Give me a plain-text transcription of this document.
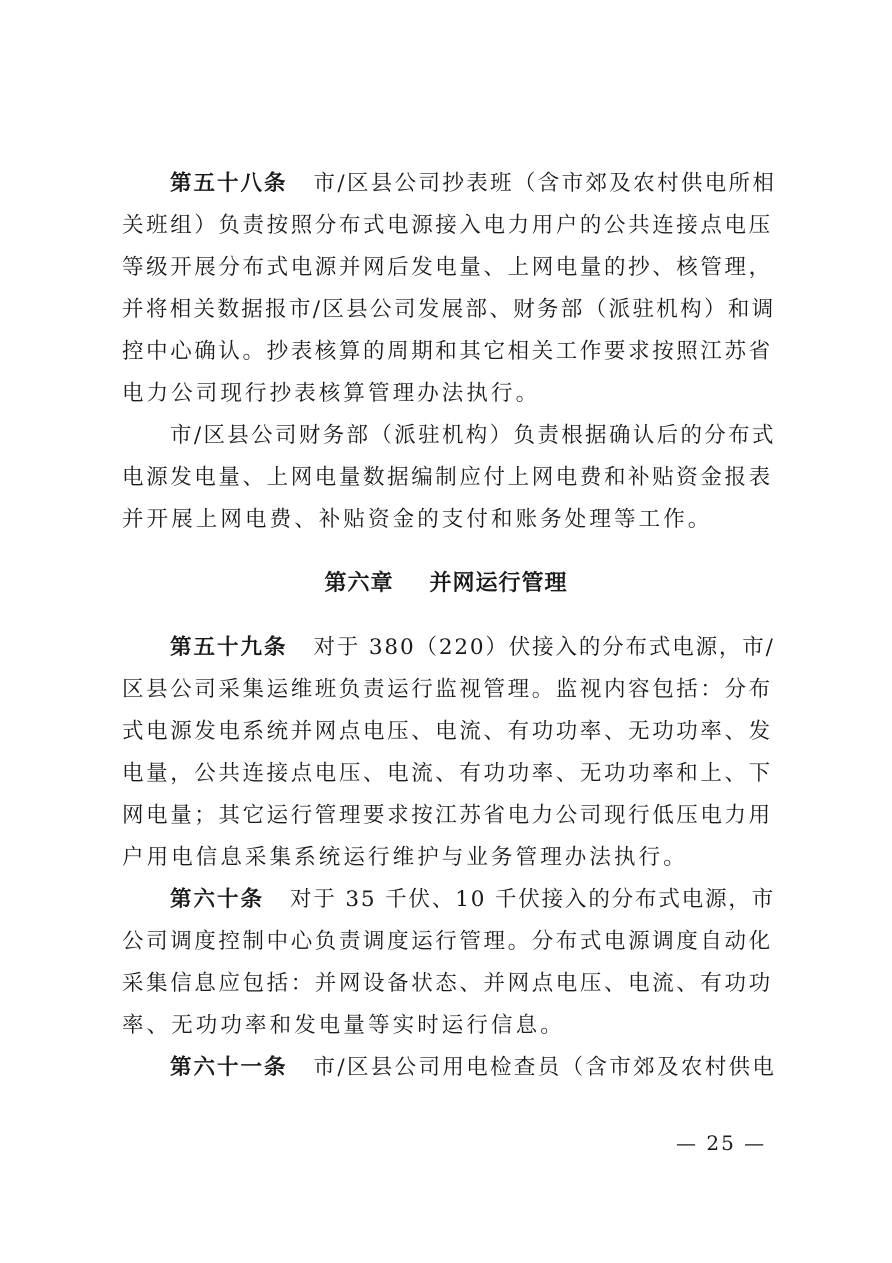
第五十八条 市/区县公司抄表班（含市郊及农村供电所相
关班组）负责按照分布式电源接入电力用户的公共连接点电压
等级开展分布式电源并网后发电量、上网电量的抄、核管理，
并将相关数据报市/区县公司发展部、财务部（派驻机构）和调
控中心确认。抄表核算的周期和其它相关工作要求按照江苏省
电力公司现行抄表核算管理办法执行。
市/区县公司财务部（派驻机构）负责根据确认后的分布式
电源发电量、上网电量数据编制应付上网电费和补贴资金报表
并开展上网电费、补贴资金的支付和账务处理等工作。
第六章 并网运行管理
第五十九条 对于 380（220）伏接入的分布式电源，市/
区县公司采集运维班负责运行监视管理。监视内容包括：分布
式电源发电系统并网点电压、电流、有功功率、无功功率、发
电量，公共连接点电压、电流、有功功率、无功功率和上、下
网电量；其它运行管理要求按江苏省电力公司现行低压电力用
户用电信息采集系统运行维护与业务管理办法执行。
第六十条 对于 35 千伏、10 千伏接入的分布式电源，市
公司调度控制中心负责调度运行管理。分布式电源调度自动化
采集信息应包括：并网设备状态、并网点电压、电流、有功功
率、无功功率和发电量等实时运行信息。
第六十一条 市/区县公司用电检查员（含市郊及农村供电
— 25 —
